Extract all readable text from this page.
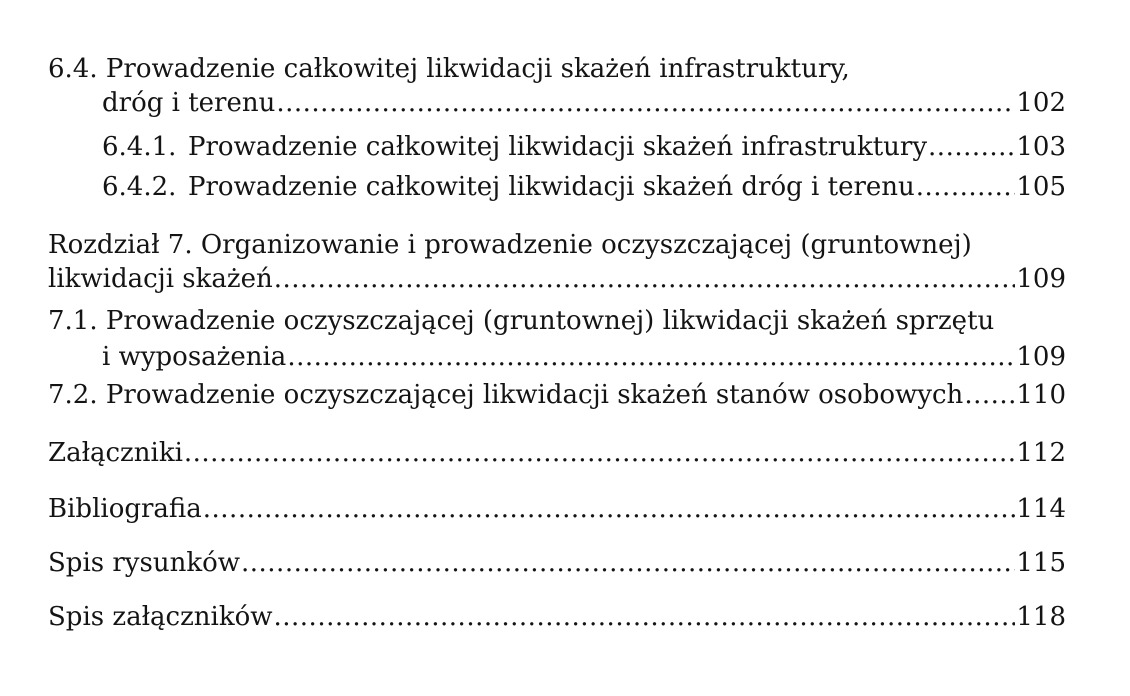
6.4. Prowadzenie całkowitej likwidacji skażeń infrastruktury,
dróg i terenu .....	102
6.4.1. Prowadzenie całkowitej likwidacji skażeń infrastruktury .....	103
6.4.2. Prowadzenie całkowitej likwidacji skażeń dróg i terenu .....	105
Rozdział 7. Organizowanie i prowadzenie oczyszczającej (gruntownej)
likwidacji skażeń .....	109
7.1. Prowadzenie oczyszczającej (gruntownej) likwidacji skażeń sprzętu
i wyposażenia .....	109
7.2. Prowadzenie oczyszczającej likwidacji skażeń stanów osobowych ..... 110
Załączniki .....	112
Bibliografia .....	114
Spis rysunków .....	115
Spis załączników .....	118
